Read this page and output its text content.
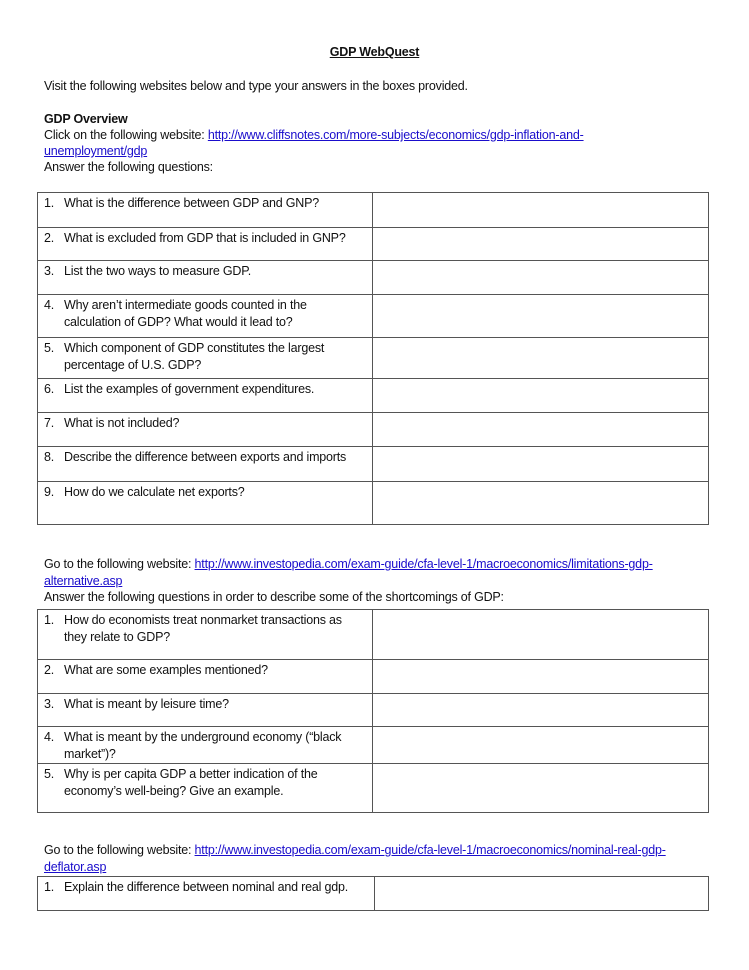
GDP WebQuest
Visit the following websites below and type your answers in the boxes provided.
GDP Overview
Click on the following website: http://www.cliffsnotes.com/more-subjects/economics/gdp-inflation-and-
unemployment/gdp
Answer the following questions:
1. What is the difference between GDP and GNP?	

2. What is excluded from GDP that is included in GNP?	

3. List the two ways to measure GDP.	

4. Why aren’t intermediate goods counted in the calculation of GDP? What would it lead to?	

5. Which component of GDP constitutes the largest percentage of U.S. GDP?	

6. List the examples of government expenditures.	

7. What is not included?	

8. Describe the difference between exports and imports	

9. How do we calculate net exports?	

Go to the following website: http://www.investopedia.com/exam-guide/cfa-level-1/macroeconomics/limitations-gdp-
alternative.asp
Answer the following questions in order to describe some of the shortcomings of GDP:
1. How do economists treat nonmarket transactions as they relate to GDP?	

2. What are some examples mentioned?	

3. What is meant by leisure time?	

4. What is meant by the underground economy (“black market”)?	

5. Why is per capita GDP a better indication of the economy’s well-being? Give an example.	

Go to the following website: http://www.investopedia.com/exam-guide/cfa-level-1/macroeconomics/nominal-real-gdp-
deflator.asp
1. Explain the difference between nominal and real gdp.
